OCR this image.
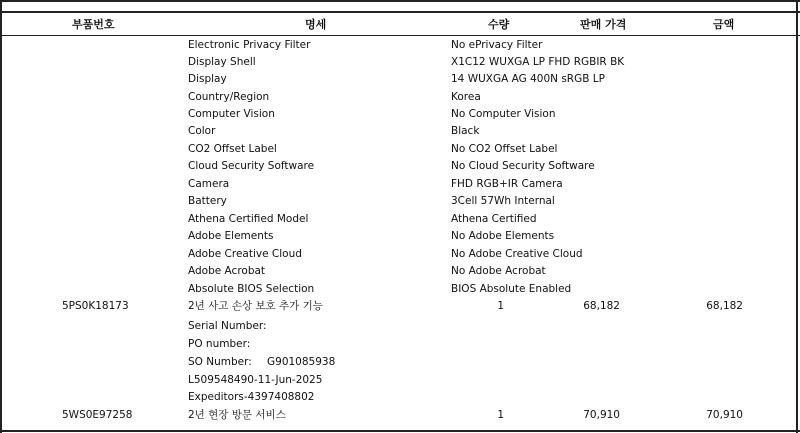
부품번호	명세	수량	판매 가격	금액
Electronic Privacy Filter	No ePrivacy Filter
Display Shell	X1C12 WUXGA LP FHD RGBIR BK
Display	14 WUXGA AG 400N sRGB LP
Country/Region	Korea
Computer Vision	No Computer Vision
Color	Black
CO2 Offset Label	No CO2 Offset Label
Cloud Security Software	No Cloud Security Software
Camera	FHD RGB+IR Camera
Battery	3Cell 57Wh Internal
Athena Certified Model	Athena Certified
Adobe Elements	No Adobe Elements
Adobe Creative Cloud	No Adobe Creative Cloud
Adobe Acrobat	No Adobe Acrobat
Absolute BIOS Selection	BIOS Absolute Enabled
5PS0K18173	2년 사고 손상 보호 추가 기능	1	68,182	68,182
Serial Number:
PO number:
SO Number: G901085938
L509548490-11-Jun-2025
Expeditors-4397408802
5WS0E97258	2년 현장 방문 서비스	1	70,910	70,910
